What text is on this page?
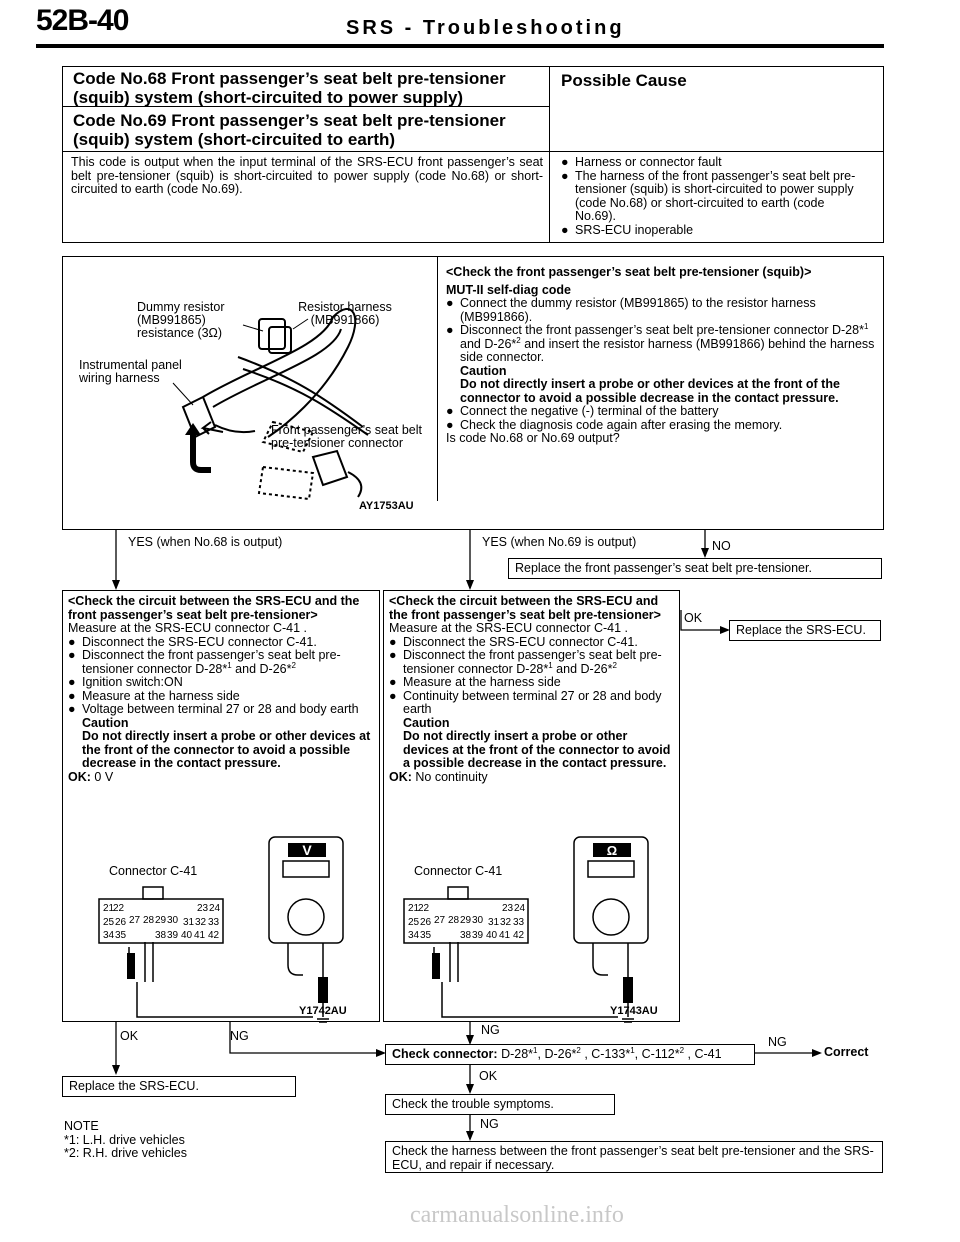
52B-40	SRS - Troubleshooting
Code No.68 Front passenger’s seat belt pre-tensioner (squib) system (short-circuited to power supply)
Code No.69 Front passenger’s seat belt pre-tensioner (squib) system (short-circuited to earth)
Possible Cause
This code is output when the input terminal of the SRS-ECU front passenger’s seat belt pre-tensioner (squib) is short-circuited to power supply (code No.68) or short-circuited to earth (code No.69).
● Harness or connector fault
● The harness of the front passenger’s seat belt pre-tensioner (squib) is short-circuited to power supply (code No.68) or short-circuited to earth (code No.69).
● SRS-ECU inoperable
Dummy resistor (MB991865) resistance (3Ω)
Resistor harness (MB991866)
Instrumental panel wiring harness
Front passenger’s seat belt pre-tensioner connector
AY1753AU
<Check the front passenger’s seat belt pre-tensioner (squib)>
MUT-II self-diag code
● Connect the dummy resistor (MB991865) to the resistor harness (MB991866).
● Disconnect the front passenger’s seat belt pre-tensioner connector D-28*$^1$ and D-26*$^2$ and insert the resistor harness (MB991866) behind the harness side connector.
Caution
Do not directly insert a probe or other devices at the front of the connector to avoid a possible decrease in the contact pressure.
● Connect the negative (-) terminal of the battery
● Check the diagnosis code again after erasing the memory.
Is code No.68 or No.69 output?
YES (when No.68 is output)	YES (when No.69 is output)	NO
Replace the front passenger’s seat belt pre-tensioner.
OK
Replace the SRS-ECU.
<Check the circuit between the SRS-ECU and the front passenger’s seat belt pre-tensioner>
Measure at the SRS-ECU connector C-41 .
● Disconnect the SRS-ECU connector C-41.
● Disconnect the front passenger’s seat belt pre-tensioner connector D-28*$^1$ and D-26*$^2$
● Ignition switch:ON
● Measure at the harness side
● Voltage between terminal 27 or 28 and body earth
Caution
Do not directly insert a probe or other devices at the front of the connector to avoid a possible decrease in the contact pressure.
OK: 0 V
Connector C-41
V
21
22	23 24
25 26 27 28 29 30 31 32 33
34 35	38 39 40 41 42
Y1742AU
<Check the circuit between the SRS-ECU and the front passenger’s seat belt pre-tensioner>
Measure at the SRS-ECU connector C-41 .
● Disconnect the SRS-ECU connector C-41.
● Disconnect the front passenger’s seat belt pre-tensioner connector D-28*$^1$ and D-26*$^2$
● Measure at the harness side
● Continuity between terminal 27 or 28 and body earth
Caution
Do not directly insert a probe or other devices at the front of the connector to avoid a possible decrease in the contact pressure.
OK: No continuity
Connector C-41
Ω
21
22	23 24
25 26 27 28 29 30 31 32 33
34 35	38 39 40 41 42
Y1743AU
OK	NG	NG
NG
Correct
Check connector: D-28*$^1$, D-26*$^2$ , C-133*$^1$, C-112*$^2$ , C-41
Replace the SRS-ECU.
OK
Check the trouble symptoms.
NG
Check the harness between the front passenger’s seat belt pre-tensioner and the SRS-ECU, and repair if necessary.
NOTE
*1: L.H. drive vehicles
*2: R.H. drive vehicles
carmanualsonline.info
